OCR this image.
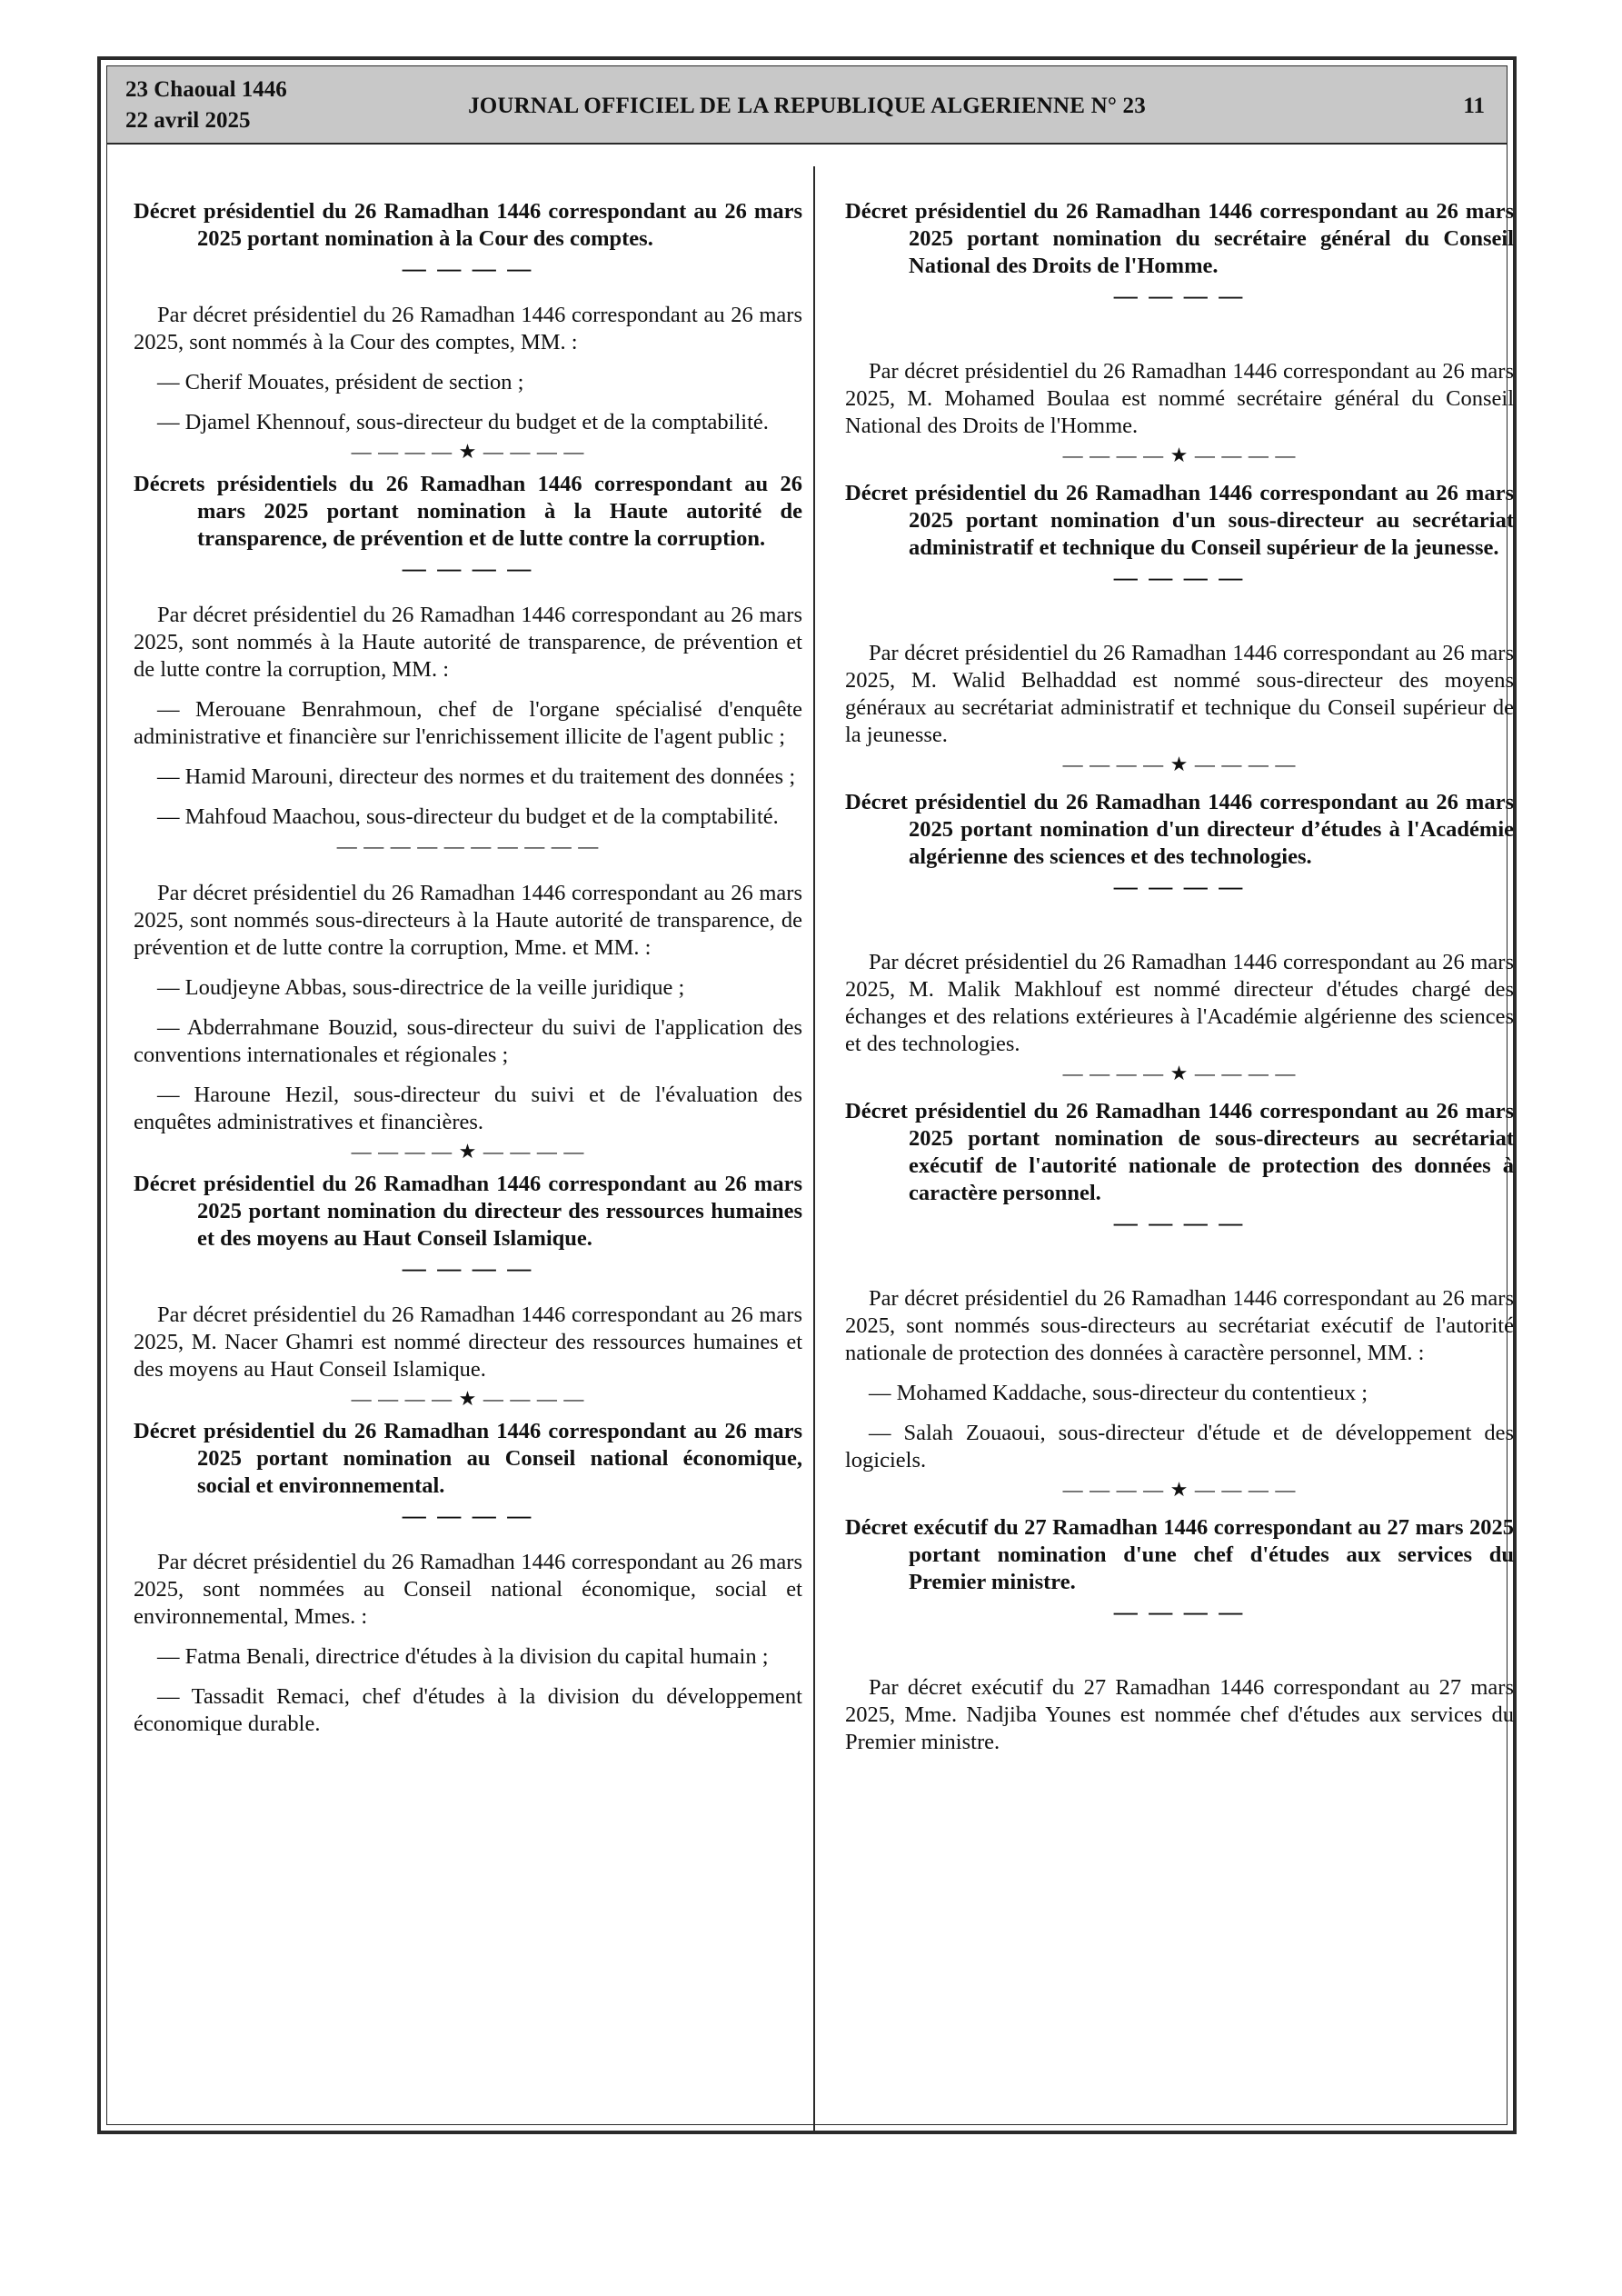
23 Chaoual 1446
22 avril 2025
JOURNAL OFFICIEL DE LA REPUBLIQUE ALGERIENNE N° 23	11

Décret présidentiel du 26 Ramadhan 1446 correspondant au 26 mars 2025 portant nomination à la Cour des comptes.

— — — —

Par décret présidentiel du 26 Ramadhan 1446 correspondant au 26 mars 2025, sont nommés à la Cour des comptes, MM. :

— Cherif Mouates, président de section ;

— Djamel Khennouf, sous-directeur du budget et de la comptabilité.

— — — — ★ — — — —

Décrets présidentiels du 26 Ramadhan 1446 correspondant au 26 mars 2025 portant nomination à la Haute autorité de transparence, de prévention et de lutte contre la corruption.

— — — —

Par décret présidentiel du 26 Ramadhan 1446 correspondant au 26 mars 2025, sont nommés à la Haute autorité de transparence, de prévention et de lutte contre la corruption, MM. :

— Merouane Benrahmoun, chef de l'organe spécialisé d'enquête administrative et financière sur l'enrichissement illicite de l'agent public ;

— Hamid Marouni, directeur des normes et du traitement des données ;

— Mahfoud Maachou, sous-directeur du budget et de la comptabilité.

— — — — — — — — — —

Par décret présidentiel du 26 Ramadhan 1446 correspondant au 26 mars 2025, sont nommés sous-directeurs à la Haute autorité de transparence, de prévention et de lutte contre la corruption, Mme. et MM. :

— Loudjeyne Abbas, sous-directrice de la veille juridique ;

— Abderrahmane Bouzid, sous-directeur du suivi de l'application des conventions internationales et régionales ;

— Haroune Hezil, sous-directeur du suivi et de l'évaluation des enquêtes administratives et financières.

— — — — ★ — — — —

Décret présidentiel du 26 Ramadhan 1446 correspondant au 26 mars 2025 portant nomination du directeur des ressources humaines et des moyens au Haut Conseil Islamique.

— — — —

Par décret présidentiel du 26 Ramadhan 1446 correspondant au 26 mars 2025, M. Nacer Ghamri est nommé directeur des ressources humaines et des moyens au Haut Conseil Islamique.

— — — — ★ — — — —

Décret présidentiel du 26 Ramadhan 1446 correspondant au 26 mars 2025 portant nomination au Conseil national économique, social et environnemental.

— — — —

Par décret présidentiel du 26 Ramadhan 1446 correspondant au 26 mars 2025, sont nommées au Conseil national économique, social et environnemental, Mmes. :

— Fatma Benali, directrice d'études à la division du capital humain ;

— Tassadit Remaci, chef d'études à la division du développement économique durable.

Décret présidentiel du 26 Ramadhan 1446 correspondant au 26 mars 2025 portant nomination du secrétaire général du Conseil National des Droits de l'Homme.

— — — —

Par décret présidentiel du 26 Ramadhan 1446 correspondant au 26 mars 2025, M. Mohamed Boulaa est nommé secrétaire général du Conseil National des Droits de l'Homme.

— — — — ★ — — — —

Décret présidentiel du 26 Ramadhan 1446 correspondant au 26 mars 2025 portant nomination d'un sous-directeur au secrétariat administratif et technique du Conseil supérieur de la jeunesse.

— — — —

Par décret présidentiel du 26 Ramadhan 1446 correspondant au 26 mars 2025, M. Walid Belhaddad est nommé sous-directeur des moyens généraux au secrétariat administratif et technique du Conseil supérieur de la jeunesse.

— — — — ★ — — — —

Décret présidentiel du 26 Ramadhan 1446 correspondant au 26 mars 2025 portant nomination d'un directeur d’études à l'Académie algérienne des sciences et des technologies.

— — — —

Par décret présidentiel du 26 Ramadhan 1446 correspondant au 26 mars 2025, M. Malik Makhlouf est nommé directeur d'études chargé des échanges et des relations extérieures à l'Académie algérienne des sciences et des technologies.

— — — — ★ — — — —

Décret présidentiel du 26 Ramadhan 1446 correspondant au 26 mars 2025 portant nomination de sous-directeurs au secrétariat exécutif de l'autorité nationale de protection des données à caractère personnel.

— — — —

Par décret présidentiel du 26 Ramadhan 1446 correspondant au 26 mars 2025, sont nommés sous-directeurs au secrétariat exécutif de l'autorité nationale de protection des données à caractère personnel, MM. :

— Mohamed Kaddache, sous-directeur du contentieux ;

— Salah Zouaoui, sous-directeur d'étude et de développement des logiciels.

— — — — ★ — — — —

Décret exécutif du 27 Ramadhan 1446 correspondant au 27 mars 2025 portant nomination d'une chef d'études aux services du Premier ministre.

— — — —

Par décret exécutif du 27 Ramadhan 1446 correspondant au 27 mars 2025, Mme. Nadjiba Younes est nommée chef d'études aux services du Premier ministre.
